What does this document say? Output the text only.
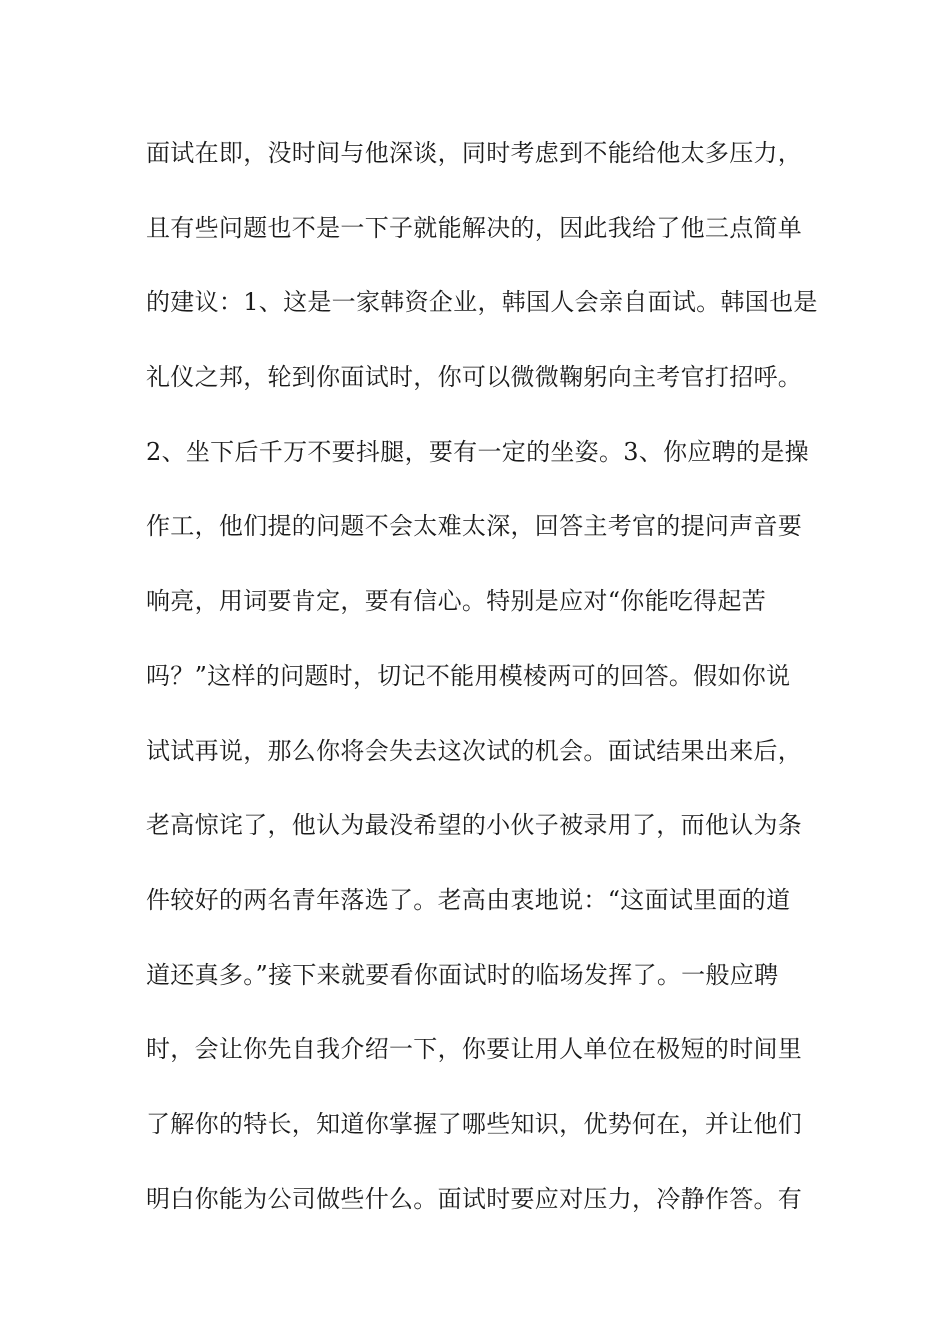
面试在即，没时间与他深谈，同时考虑到不能给他太多压力，
且有些问题也不是一下子就能解决的，因此我给了他三点简单
的建议：1、这是一家韩资企业，韩国人会亲自面试。韩国也是
礼仪之邦，轮到你面试时，你可以微微鞠躬向主考官打招呼。
2、坐下后千万不要抖腿，要有一定的坐姿。3、你应聘的是操
作工，他们提的问题不会太难太深，回答主考官的提问声音要
响亮，用词要肯定，要有信心。特别是应对“你能吃得起苦
吗？”这样的问题时，切记不能用模棱两可的回答。假如你说
试试再说，那么你将会失去这次试的机会。面试结果出来后，
老高惊诧了，他认为最没希望的小伙子被录用了，而他认为条
件较好的两名青年落选了。老高由衷地说：“这面试里面的道
道还真多。”接下来就要看你面试时的临场发挥了。一般应聘
时，会让你先自我介绍一下，你要让用人单位在极短的时间里
了解你的特长，知道你掌握了哪些知识，优势何在，并让他们
明白你能为公司做些什么。面试时要应对压力，冷静作答。有
